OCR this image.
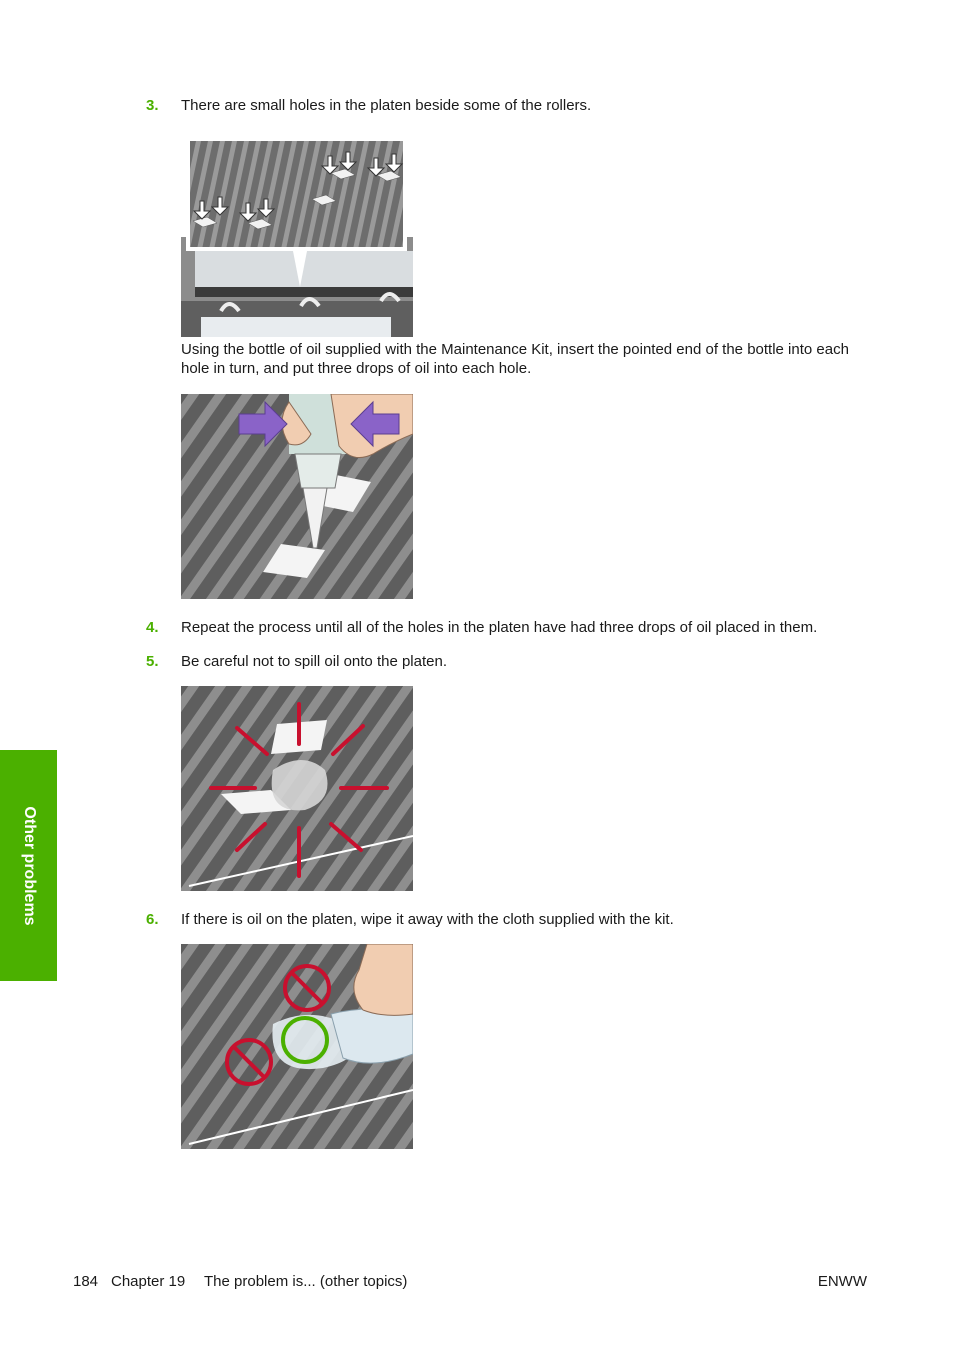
3. There are small holes in the platen beside some of the rollers.
Using the bottle of oil supplied with the Maintenance Kit, insert the pointed end of the bottle into each hole in turn, and put three drops of oil into each hole.
4. Repeat the process until all of the holes in the platen have had three drops of oil placed in them.
5. Be careful not to spill oil onto the platen.
6. If there is oil on the platen, wipe it away with the cloth supplied with the kit.
Other problems
184 Chapter 19 The problem is... (other topics)	ENWW
